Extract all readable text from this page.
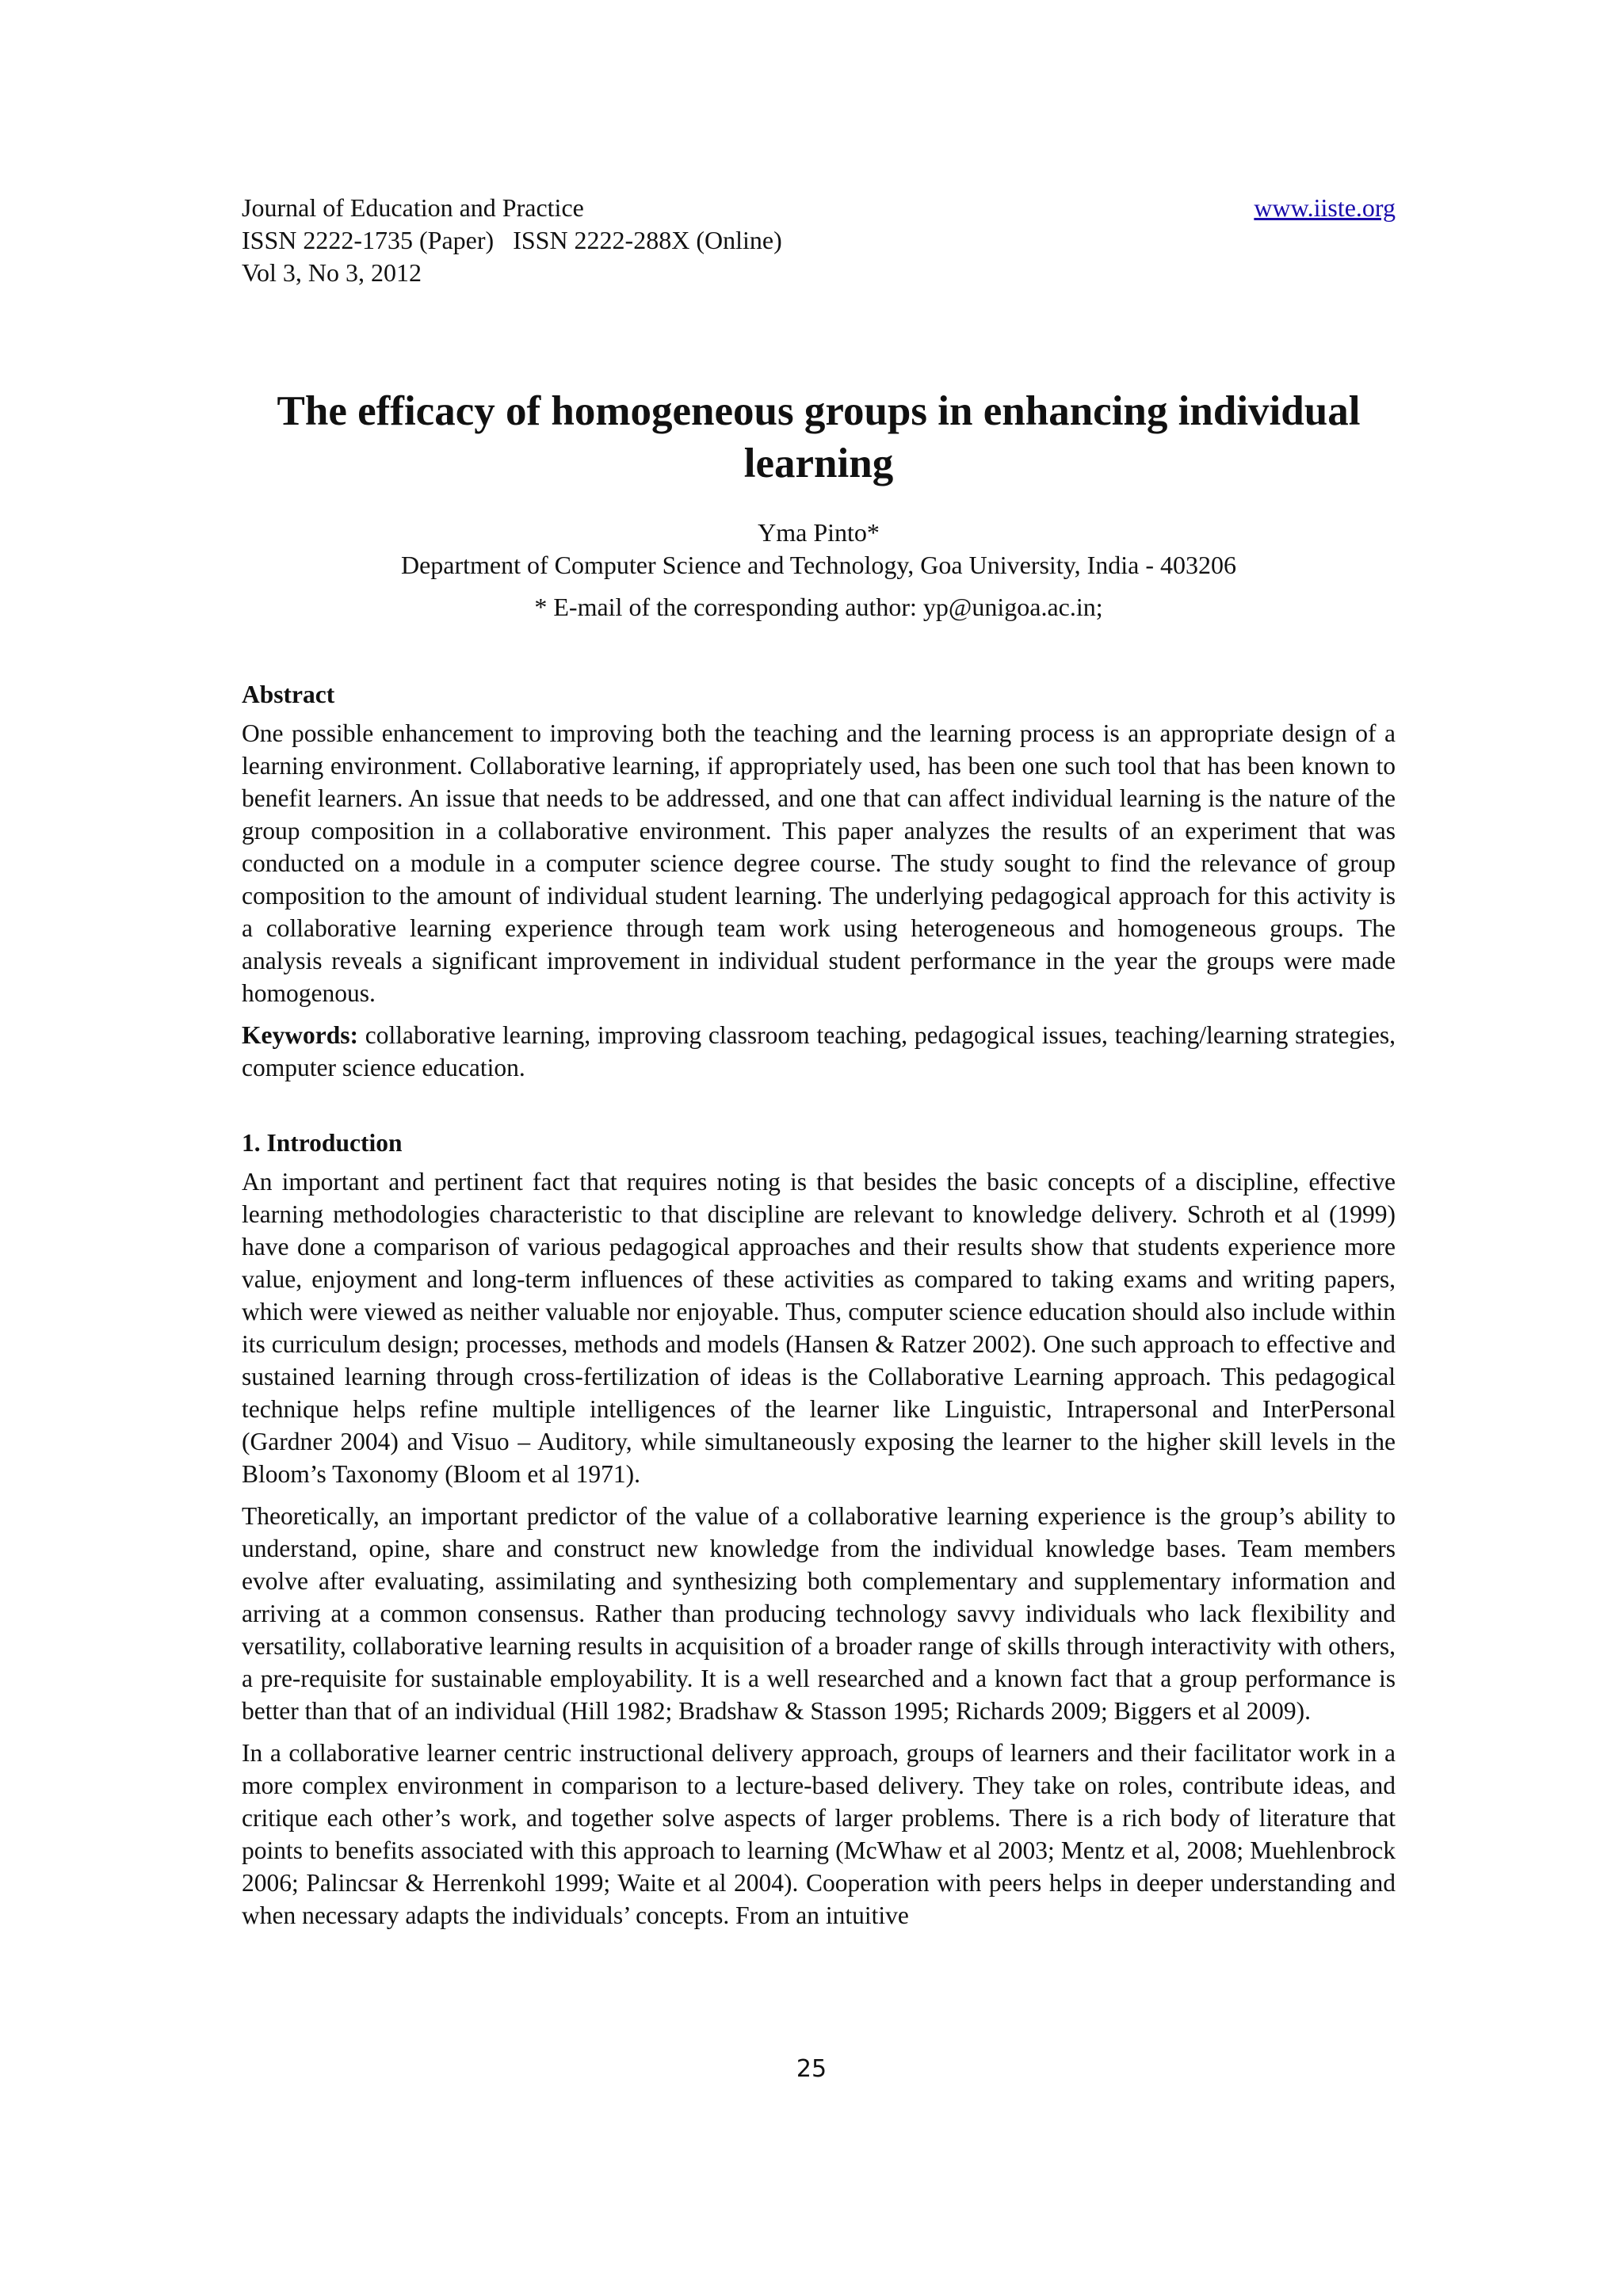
Journal of Education and Practice	www.iiste.org
ISSN 2222-1735 (Paper)   ISSN 2222-288X (Online)
Vol 3, No 3, 2012
The efficacy of homogeneous groups in enhancing individual learning
Yma Pinto*
Department of Computer Science and Technology, Goa University, India - 403206
* E-mail of the corresponding author: yp@unigoa.ac.in;
Abstract

One possible enhancement to improving both the teaching and the learning process is an appropriate design of a learning environment. Collaborative learning, if appropriately used, has been one such tool that has been known to benefit learners. An issue that needs to be addressed, and one that can affect individual learning is the nature of the group composition in a collaborative environment. This paper analyzes the results of an experiment that was conducted on a module in a computer science degree course. The study sought to find the relevance of group composition to the amount of individual student learning. The underlying pedagogical approach for this activity is a collaborative learning experience through team work using heterogeneous and homogeneous groups. The analysis reveals a significant improvement in individual student performance in the year the groups were made homogenous.

Keywords: collaborative learning, improving classroom teaching, pedagogical issues, teaching/learning strategies, computer science education.

1. Introduction

An important and pertinent fact that requires noting is that besides the basic concepts of a discipline, effective learning methodologies characteristic to that discipline are relevant to knowledge delivery. Schroth et al (1999) have done a comparison of various pedagogical approaches and their results show that students experience more value, enjoyment and long-term influences of these activities as compared to taking exams and writing papers, which were viewed as neither valuable nor enjoyable. Thus, computer science education should also include within its curriculum design; processes, methods and models (Hansen & Ratzer 2002). One such approach to effective and sustained learning through cross-fertilization of ideas is the Collaborative Learning approach. This pedagogical technique helps refine multiple intelligences of the learner like Linguistic, Intrapersonal and InterPersonal (Gardner 2004) and Visuo – Auditory, while simultaneously exposing the learner to the higher skill levels in the Bloom’s Taxonomy (Bloom et al 1971).

Theoretically, an important predictor of the value of a collaborative learning experience is the group’s ability to understand, opine, share and construct new knowledge from the individual knowledge bases. Team members evolve after evaluating, assimilating and synthesizing both complementary and supplementary information and arriving at a common consensus. Rather than producing technology savvy individuals who lack flexibility and versatility, collaborative learning results in acquisition of a broader range of skills through interactivity with others, a pre-requisite for sustainable employability. It is a well researched and a known fact that a group performance is better than that of an individual (Hill 1982; Bradshaw & Stasson 1995; Richards 2009; Biggers et al 2009).

In a collaborative learner centric instructional delivery approach, groups of learners and their facilitator work in a more complex environment in comparison to a lecture-based delivery. They take on roles, contribute ideas, and critique each other’s work, and together solve aspects of larger problems. There is a rich body of literature that points to benefits associated with this approach to learning (McWhaw et al 2003; Mentz et al, 2008; Muehlenbrock 2006; Palincsar & Herrenkohl 1999; Waite et al 2004). Cooperation with peers helps in deeper understanding and when necessary adapts the individuals’ concepts. From an intuitive

25
